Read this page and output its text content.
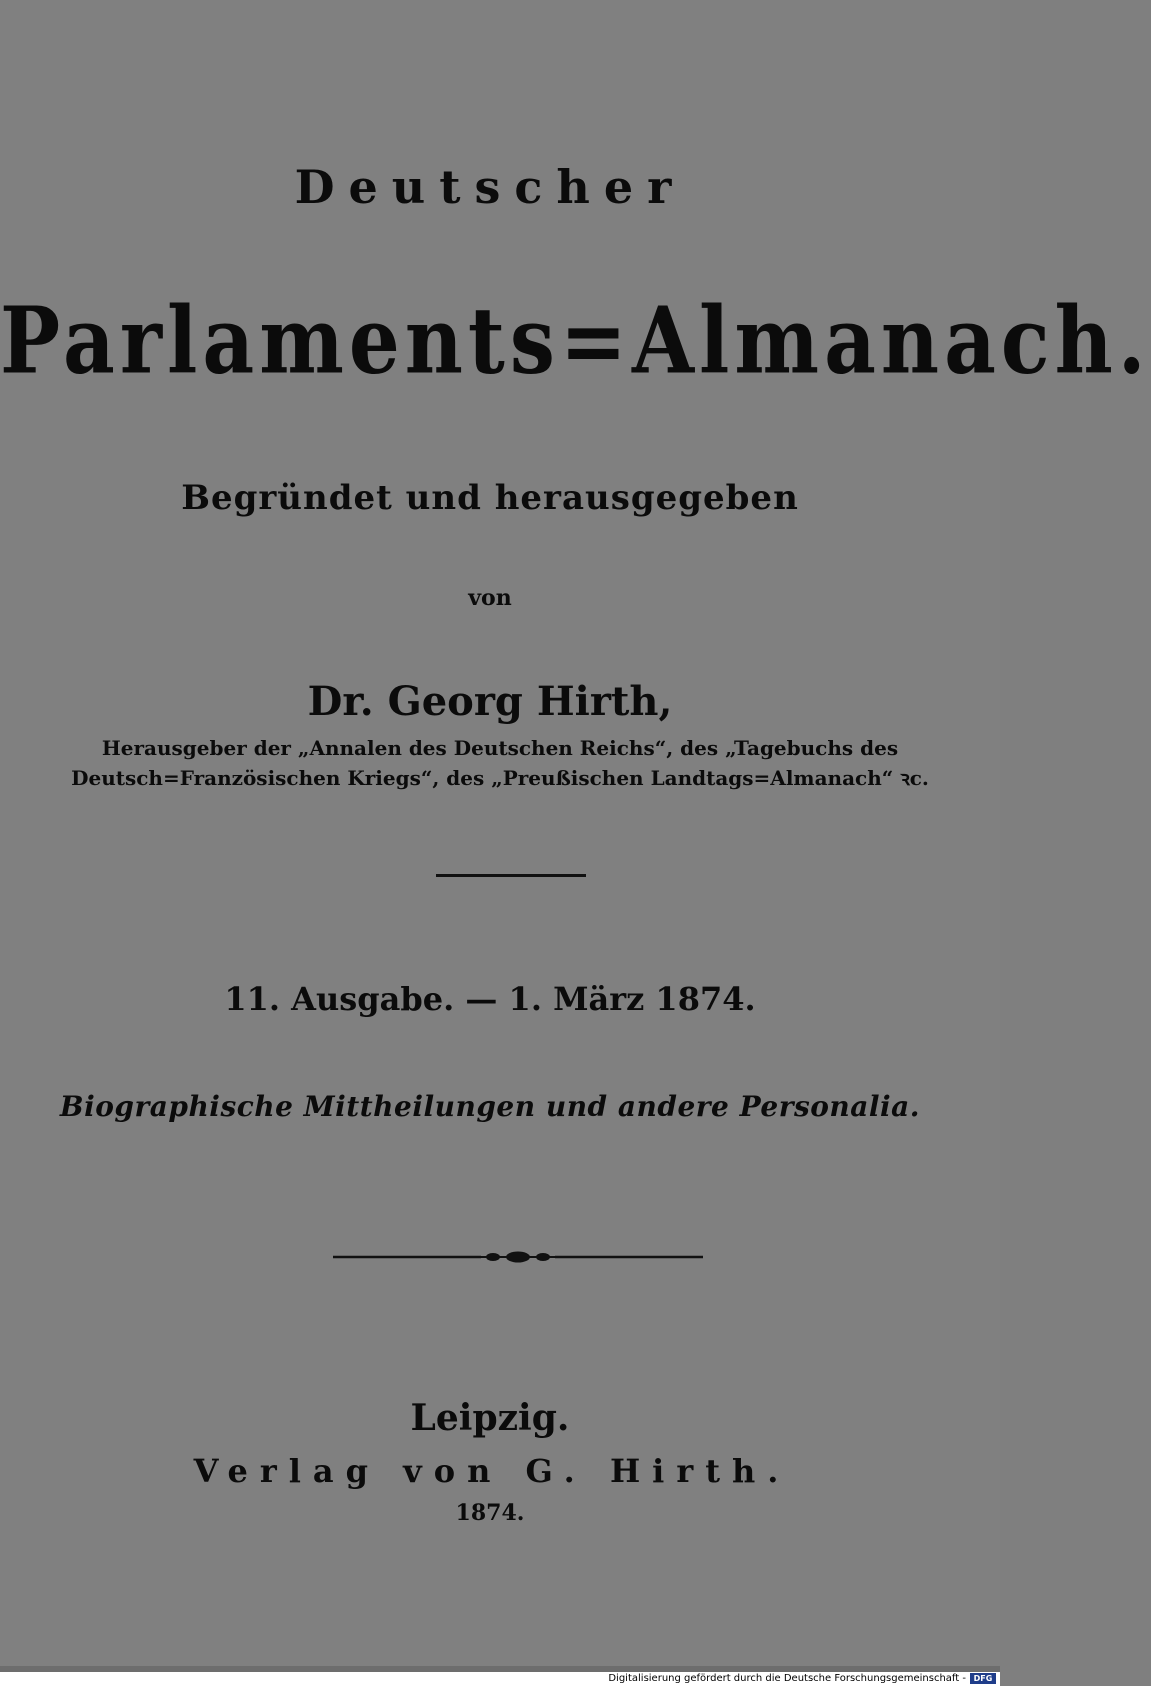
Deutscher
Parlaments=Almanach.
Begründet und herausgegeben
von
Dr. Georg Hirth,
Herausgeber der „Annalen des Deutschen Reichs“, des „Tagebuchs des
Deutsch=Französischen Kriegs“, des „Preußischen Landtags=Almanach“ ꝛc.
11. Ausgabe. — 1. März 1874.
Biographische Mittheilungen und andere Personalia.
Leipzig.
Verlag von G. Hirth.
1874.
Digitalisierung gefördert durch die Deutsche Forschungsgemeinschaft - DFG
